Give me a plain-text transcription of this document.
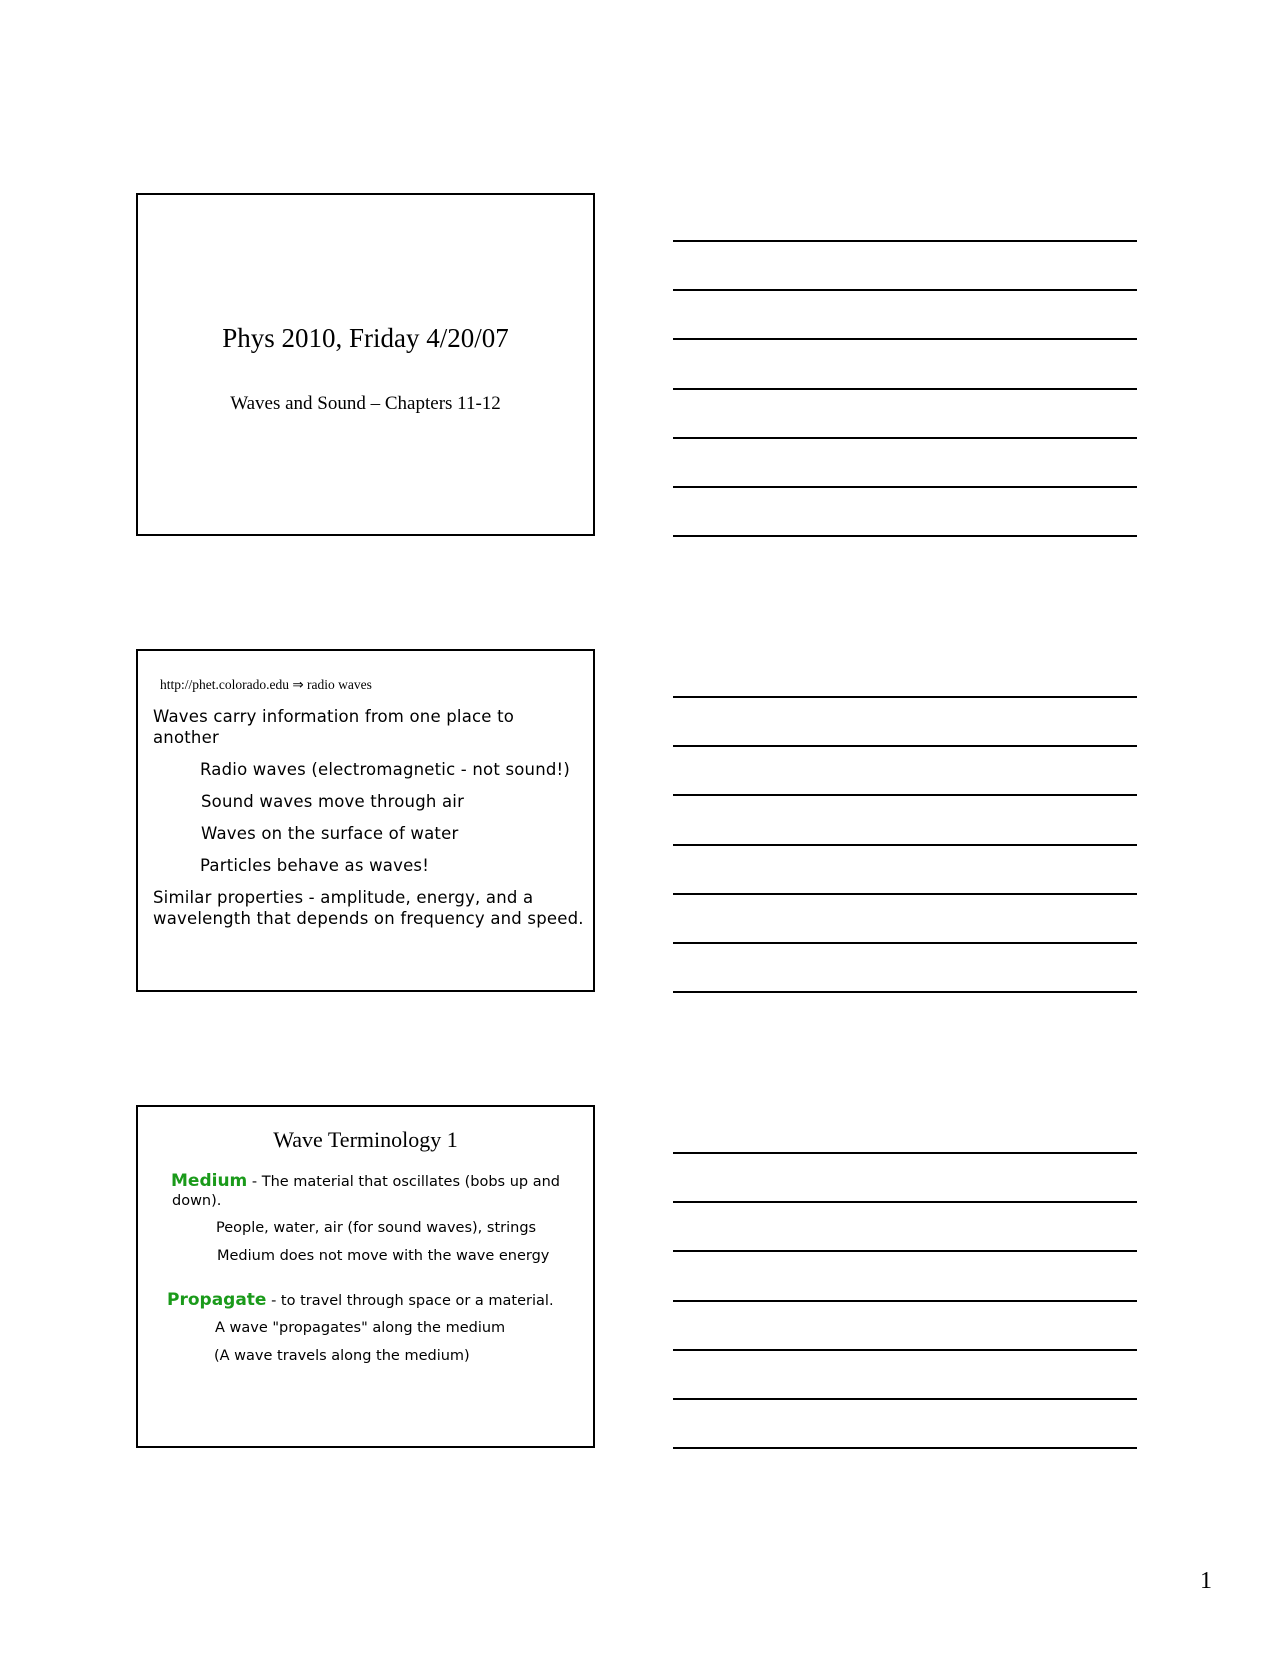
Phys 2010, Friday 4/20/07
Waves and Sound – Chapters 11-12
http://phet.colorado.edu ⇒ radio waves
Waves carry information from one place to
another
Radio waves (electromagnetic - not sound!)
Sound waves move through air
Waves on the surface of water
Particles behave as waves!
Similar properties - amplitude, energy, and a
wavelength that depends on frequency and speed.
Wave Terminology 1
Medium - The material that oscillates (bobs up and
down).
People, water, air (for sound waves), strings
Medium does not move with the wave energy
Propagate - to travel through space or a material.
A wave "propagates" along the medium
(A wave travels along the medium)
1
